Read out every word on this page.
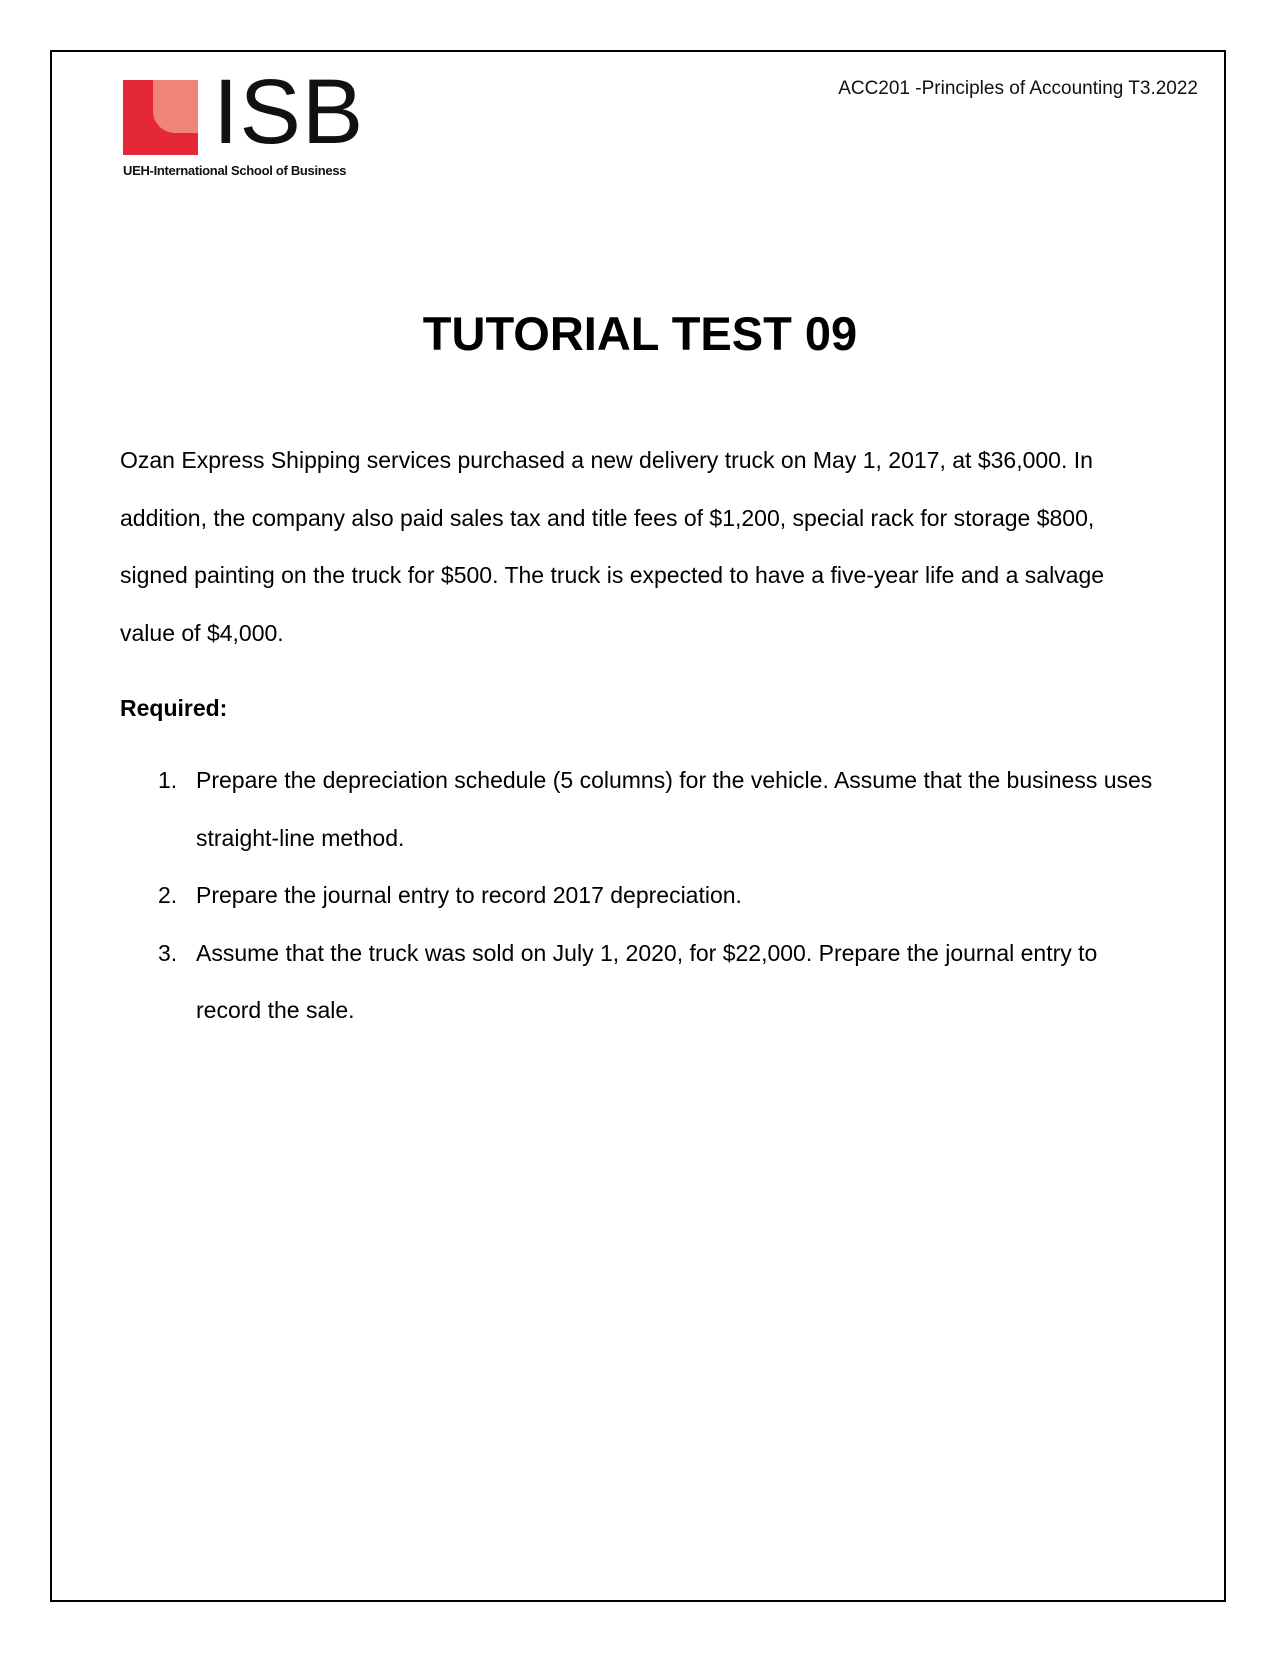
ISB
UEH-International School of Business
ACC201 -Principles of Accounting T3.2022
TUTORIAL TEST 09

Ozan Express Shipping services purchased a new delivery truck on May 1, 2017, at $36,000. In addition, the company also paid sales tax and title fees of $1,200, special rack for storage $800, signed painting on the truck for $500. The truck is expected to have a five-year life and a salvage value of $4,000.

Required:

1. Prepare the depreciation schedule (5 columns) for the vehicle. Assume that the business uses straight-line method.
2. Prepare the journal entry to record 2017 depreciation.
3. Assume that the truck was sold on July 1, 2020, for $22,000. Prepare the journal entry to record the sale.
